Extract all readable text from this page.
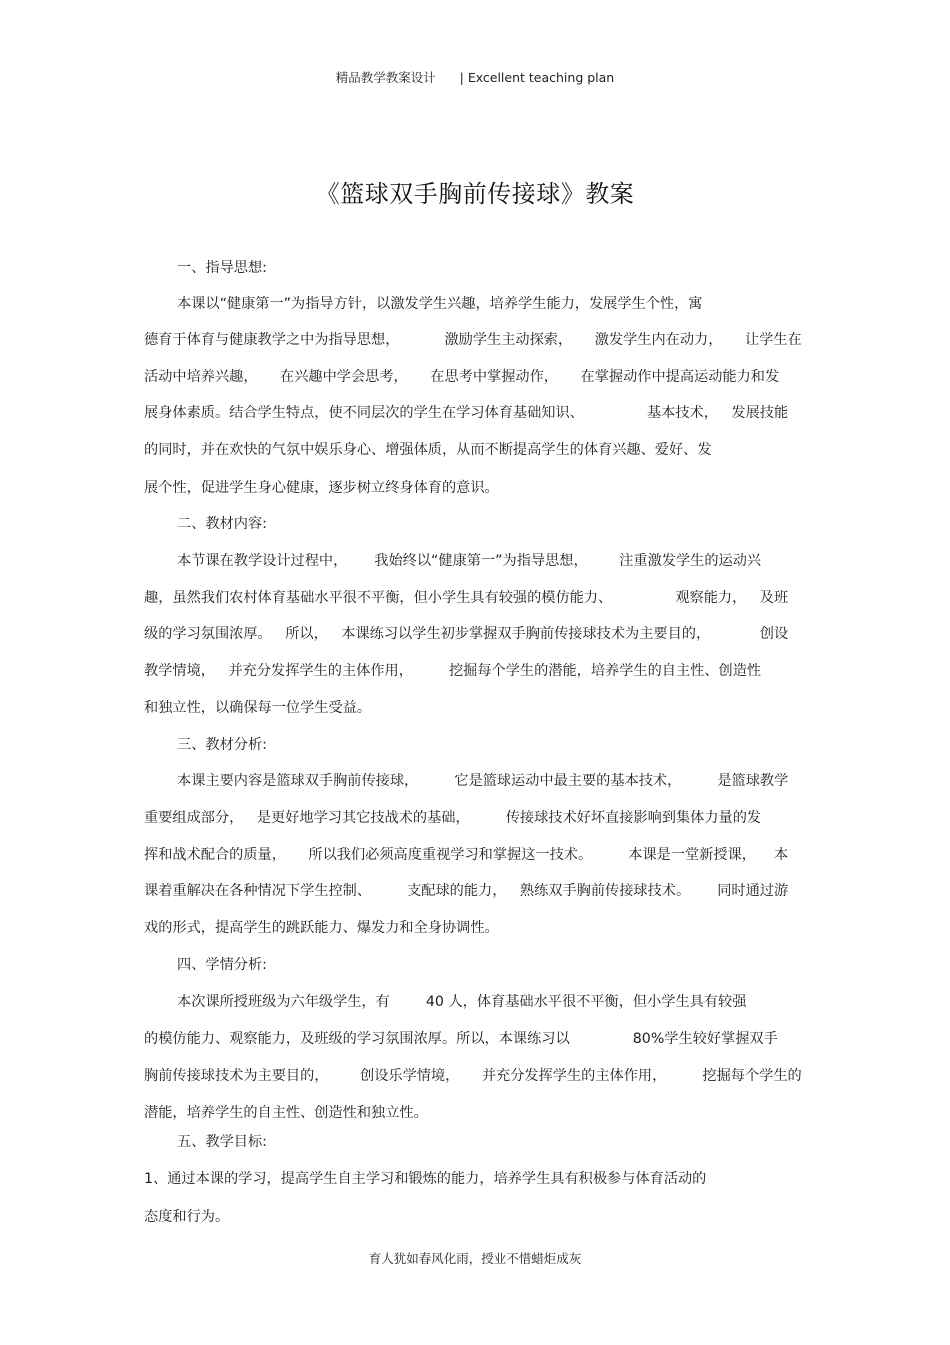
精品教学教案设计 | Excellent teaching plan
《篮球双手胸前传接球》教案
一、指导思想:
本课以“健康第一”为指导方针，以激发学生兴趣，培养学生能力，发展学生个性，寓
德育于体育与健康教学之中为指导思想，          激励学生主动探索，     激发学生内在动力，     让学生在
活动中培养兴趣，     在兴趣中学会思考，     在思考中掌握动作，     在掌握动作中提高运动能力和发
展身体素质。结合学生特点，使不同层次的学生在学习体育基础知识、              基本技术，   发展技能
的同时，并在欢快的气氛中娱乐身心、增强体质，从而不断提高学生的体育兴趣、爱好、发
展个性，促进学生身心健康，逐步树立终身体育的意识。
二、教材内容:
本节课在教学设计过程中，      我始终以“健康第一”为指导思想，       注重激发学生的运动兴
趣，虽然我们农村体育基础水平很不平衡，但小学生具有较强的模仿能力、              观察能力，   及班
级的学习氛围浓厚。   所以，   本课练习以学生初步掌握双手胸前传接球技术为主要目的，           创设
教学情境，   并充分发挥学生的主体作用，        挖掘每个学生的潜能，培养学生的自主性、创造性
和独立性，以确保每一位学生受益。
三、教材分析:
本课主要内容是篮球双手胸前传接球，        它是篮球运动中最主要的基本技术，        是篮球教学
重要组成部分，   是更好地学习其它技战术的基础，        传接球技术好坏直接影响到集体力量的发
挥和战术配合的质量，     所以我们必须高度重视学习和掌握这一技术。        本课是一堂新授课，    本
课着重解决在各种情况下学生控制、        支配球的能力，   熟练双手胸前传接球技术。      同时通过游
戏的形式，提高学生的跳跃能力、爆发力和全身协调性。
四、学情分析:
本次课所授班级为六年级学生，有        40 人，体育基础水平很不平衡，但小学生具有较强
的模仿能力、观察能力，及班级的学习氛围浓厚。所以，本课练习以              80%学生较好掌握双手
胸前传接球技术为主要目的，       创设乐学情境，     并充分发挥学生的主体作用，        挖掘每个学生的
潜能，培养学生的自主性、创造性和独立性。
五、教学目标:
1、通过本课的学习，提高学生自主学习和锻炼的能力，培养学生具有积极参与体育活动的
态度和行为。
育人犹如春风化雨，授业不惜蜡炬成灰
